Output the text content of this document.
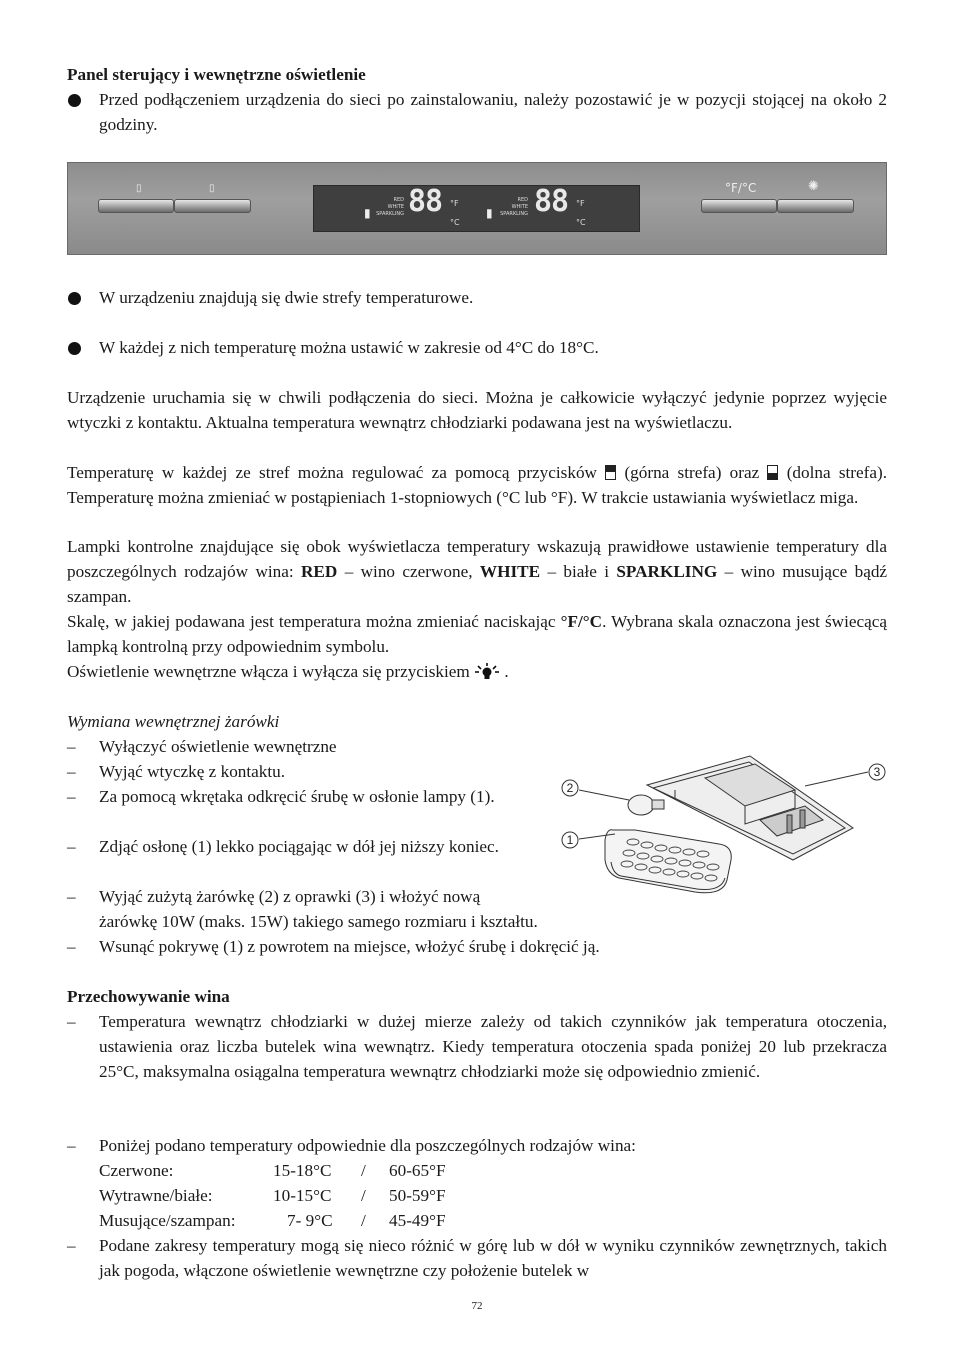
Panel sterujący i wewnętrzne oświetlenie
Przed podłączeniem urządzenia do sieci po zainstalowaniu, należy pozostawić je w pozycji stojącej na około 2 godziny.
▯	▯
▮
RED
WHITE
SPARKLING 88 °F
°C
▮
RED
WHITE
SPARKLING 88 °F
°C
°F/°C	✺
W urządzeniu znajdują się dwie strefy temperaturowe.
W każdej z nich temperaturę można ustawić w zakresie od 4°C do 18°C.
Urządzenie uruchamia się w chwili podłączenia do sieci. Można je całkowicie wyłączyć jedynie poprzez wyjęcie wtyczki z kontaktu. Aktualna temperatura wewnątrz chłodziarki podawana jest na wyświetlaczu.
Temperaturę w każdej ze stref można regulować za pomocą przycisków (górna strefa) oraz (dolna strefa). Temperaturę można zmieniać w postąpieniach 1-stopniowych (°C lub °F). W trakcie ustawiania wyświetlacz miga.
Lampki kontrolne znajdujące się obok wyświetlacza temperatury wskazują prawidłowe ustawienie temperatury dla poszczególnych rodzajów wina: RED – wino czerwone, WHITE – białe i SPARKLING – wino musujące bądź szampan.
Skalę, w jakiej podawana jest temperatura można zmieniać naciskając °F/°C. Wybrana skala oznaczona jest świecącą lampką kontrolną przy odpowiednim symbolu.
Oświetlenie wewnętrzne włącza i wyłącza się przyciskiem .
Wymiana wewnętrznej żarówki
– Wyłączyć oświetlenie wewnętrzne
– Wyjąć wtyczkę z kontaktu.
– Za pomocą wkrętaka odkręcić śrubę w osłonie lampy (1).
– Zdjąć osłonę (1) lekko pociągając w dół jej niższy koniec.
– Wyjąć zużytą żarówkę (2) z oprawki (3) i włożyć nową
żarówkę 10W (maks. 15W) takiego samego rozmiaru i kształtu.
– Wsunąć pokrywę (1) z powrotem na miejsce, włożyć śrubę i dokręcić ją.
2
1
3
Przechowywanie wina
– Temperatura wewnątrz chłodziarki w dużej mierze zależy od takich czynników jak temperatura otoczenia, ustawienia oraz liczba butelek wina wewnątrz. Kiedy temperatura otoczenia spada poniżej 20 lub przekracza 25°C, maksymalna osiągalna temperatura wewnątrz chłodziarki może się odpowiednio zmienić.
– Poniżej podano temperatury odpowiednie dla poszczególnych rodzajów wina:
Czerwone:	15-18°C / 60-65°F
Wytrawne/białe:	10-15°C / 50-59°F
Musujące/szampan:	7- 9°C / 45-49°F
– Podane zakresy temperatury mogą się nieco różnić w górę lub w dół w wyniku czynników zewnętrznych, takich jak pogoda, włączone oświetlenie wewnętrzne czy położenie butelek w
72
